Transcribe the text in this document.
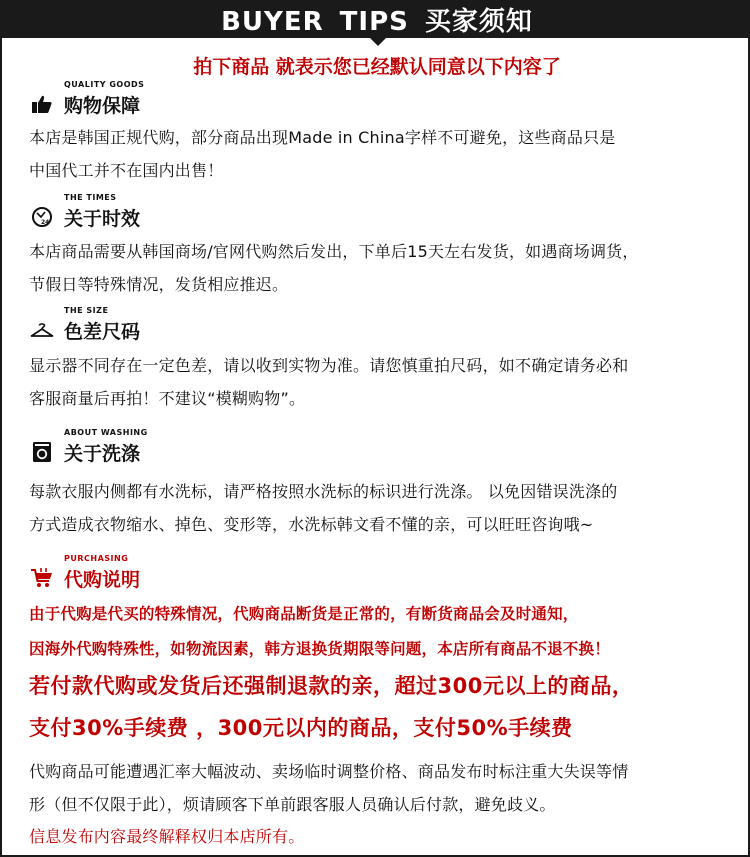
BUYER TIPS 买家须知
拍下商品 就表示您已经默认同意以下内容了
QUALITY GOODS
购物保障
本店是韩国正规代购，部分商品出现Made in China字样不可避免，这些商品只是
中国代工并不在国内出售！
24
THE TIMES
关于时效
本店商品需要从韩国商场/官网代购然后发出，下单后15天左右发货，如遇商场调货，
节假日等特殊情况，发货相应推迟。
THE SIZE
色差尺码
显示器不同存在一定色差，请以收到实物为准。请您慎重拍尺码，如不确定请务必和
客服商量后再拍！不建议“模糊购物”。
ABOUT WASHING
关于洗涤
每款衣服内侧都有水洗标，请严格按照水洗标的标识进行洗涤。 以免因错误洗涤的
方式造成衣物缩水、掉色、变形等，水洗标韩文看不懂的亲，可以旺旺咨询哦~
PURCHASING
代购说明
由于代购是代买的特殊情况，代购商品断货是正常的，有断货商品会及时通知，
因海外代购特殊性，如物流因素，韩方退换货期限等问题，本店所有商品不退不换！
若付款代购或发货后还强制退款的亲，超过300元以上的商品，
支付30%手续费 ，300元以内的商品，支付50%手续费
代购商品可能遭遇汇率大幅波动、卖场临时调整价格、商品发布时标注重大失误等情
形（但不仅限于此），烦请顾客下单前跟客服人员确认后付款，避免歧义。
信息发布内容最终解释权归本店所有。
